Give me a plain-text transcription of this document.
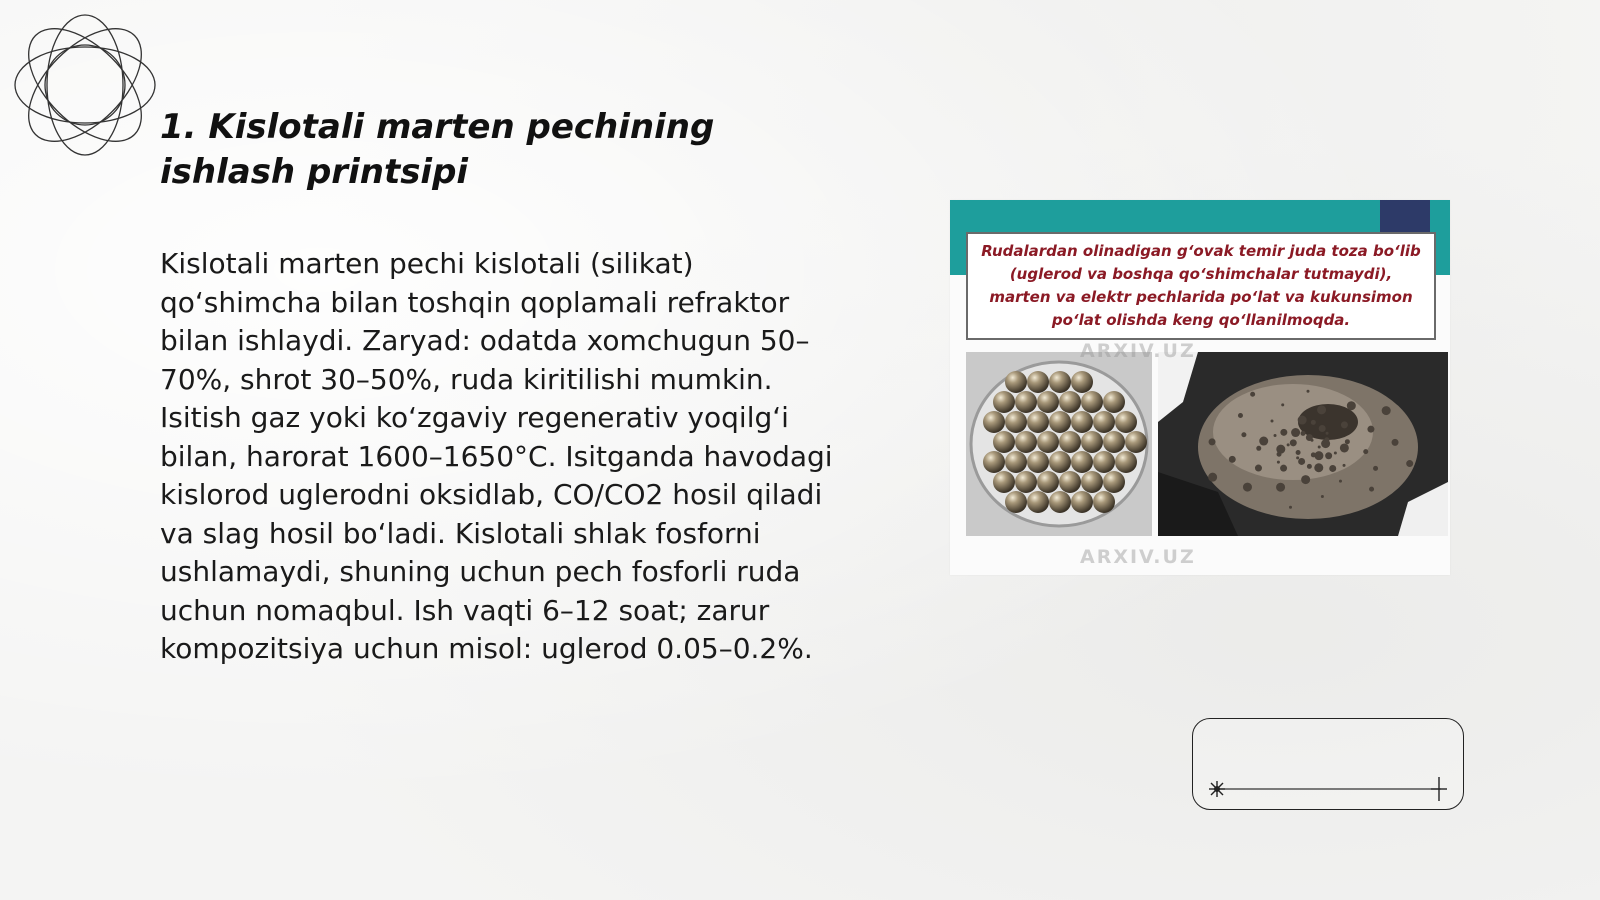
1. Kislotali marten pechining ishlash printsipi

Kislotali marten pechi kislotali (silikat) qo‘shimcha bilan toshqin qoplamali refraktor bilan ishlaydi. Zaryad: odatda xomchugun 50–70%, shrot 30–50%, ruda kiritilishi mumkin. Isitish gaz yoki ko‘zgaviy regenerativ yoqilg‘i bilan, harorat 1600–1650°C. Isitganda havodagi kislorod uglerodni oksidlab, CO/CO2 hosil qiladi va slag hosil bo‘ladi. Kislotali shlak fosforni ushlamaydi, shuning uchun pech fosforli ruda uchun nomaqbul. Ish vaqti 6–12 soat; zarur kompozitsiya uchun misol: uglerod 0.05–0.2%.

Rudalardan olinadigan g‘ovak temir juda toza bo‘lib (uglerod va boshqa qo‘shimchalar tutmaydi), marten va elektr pechlarida po‘lat va kukunsimon po‘lat olishda keng qo‘llanilmoqda.
ARXIV.UZ
ARXIV.UZ
